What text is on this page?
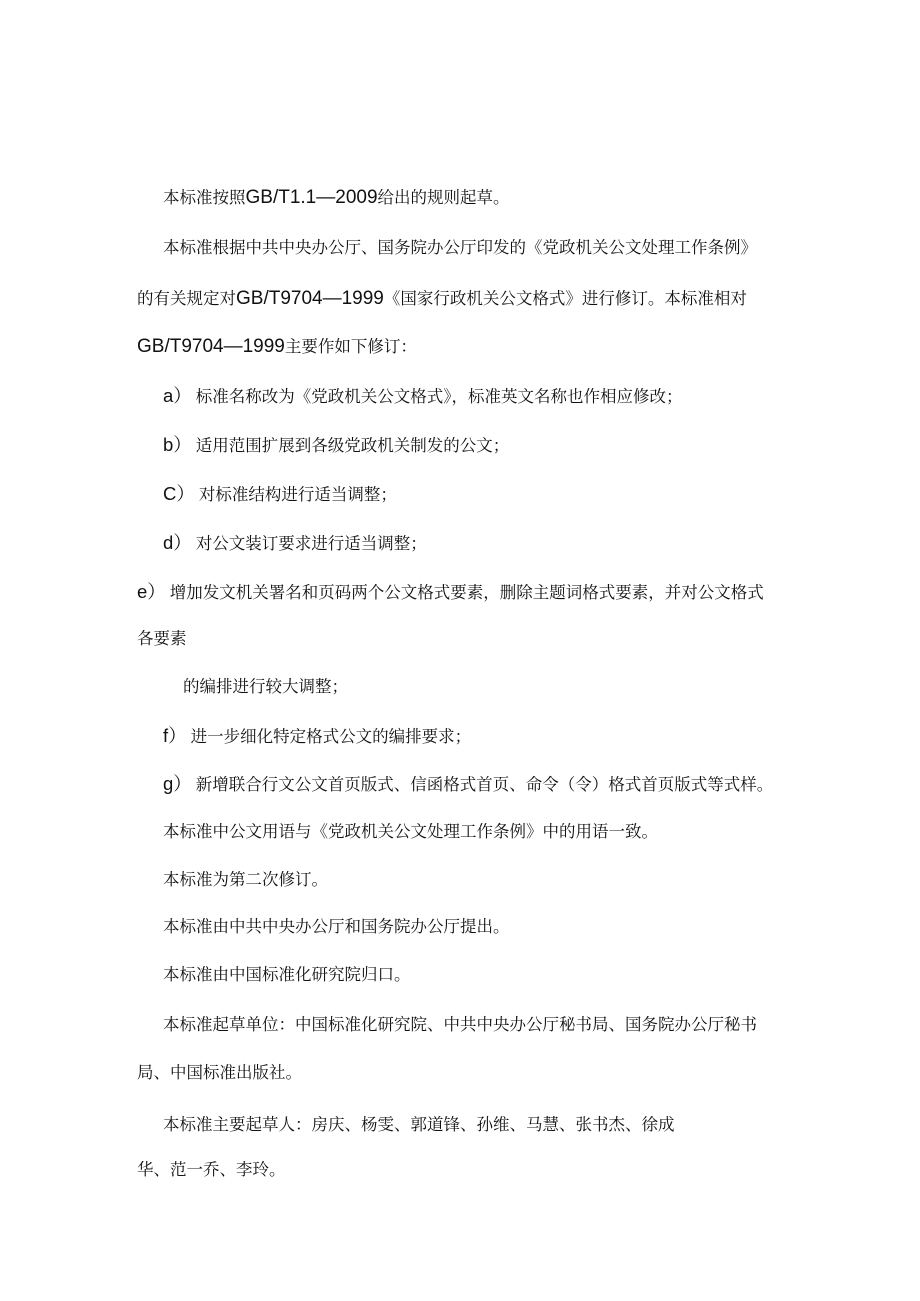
本标准按照GB/T1.1—2009给出的规则起草。
本标准根据中共中央办公厅、国务院办公厅印发的《党政机关公文处理工作条例》
的有关规定对GB/T9704—1999《国家行政机关公文格式》进行修订。本标准相对
GB/T9704—1999主要作如下修订：
a） 标准名称改为《党政机关公文格式》，标准英文名称也作相应修改；
b） 适用范围扩展到各级党政机关制发的公文；
C） 对标准结构进行适当调整；
d） 对公文装订要求进行适当调整；
e） 增加发文机关署名和页码两个公文格式要素，删除主题词格式要素，并对公文格式
各要素
的编排进行较大调整；
f） 进一步细化特定格式公文的编排要求；
g） 新增联合行文公文首页版式、信函格式首页、命令（令）格式首页版式等式样。
本标准中公文用语与《党政机关公文处理工作条例》中的用语一致。
本标准为第二次修订。
本标准由中共中央办公厅和国务院办公厅提出。
本标准由中国标准化研究院归口。
本标准起草单位：中国标准化研究院、中共中央办公厅秘书局、国务院办公厅秘书
局、中国标准出版社。
本标准主要起草人：房庆、杨雯、郭道锋、孙维、马慧、张书杰、徐成
华、范一乔、李玲。
